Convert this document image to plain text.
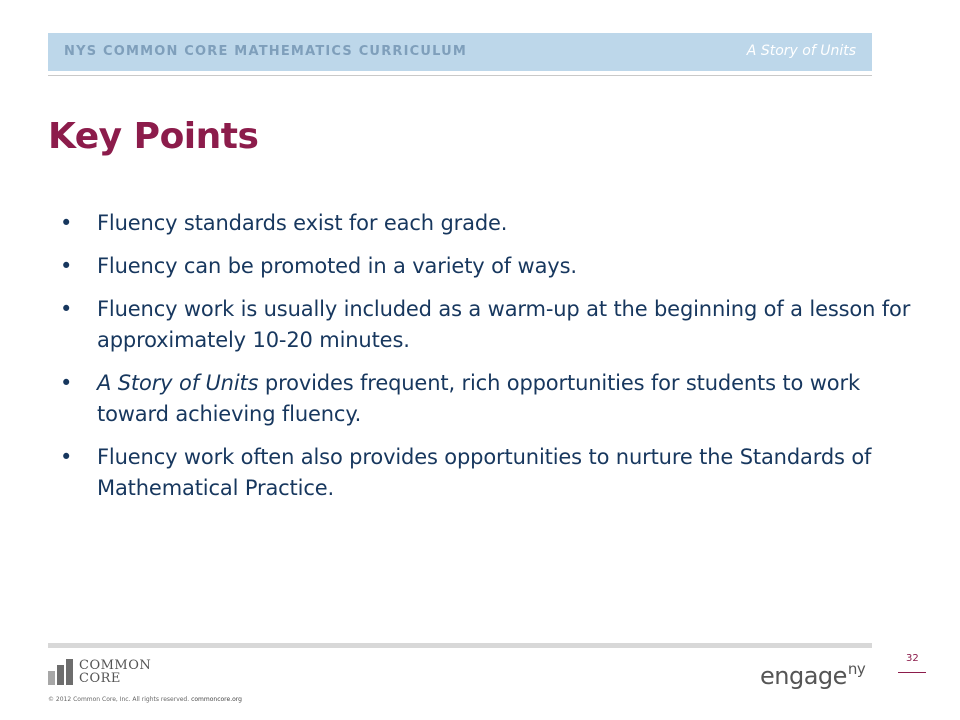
NYS COMMON CORE MATHEMATICS CURRICULUM	A Story of Units
Key Points
• Fluency standards exist for each grade.
• Fluency can be promoted in a variety of ways.
• Fluency work is usually included as a warm-up at the beginning of a lesson for approximately 10-20 minutes.
• A Story of Units provides frequent, rich opportunities for students to work toward achieving fluency.
• Fluency work often also provides opportunities to nurture the Standards of Mathematical Practice.
COMMON
CORE
© 2012 Common Core, Inc. All rights reserved. commoncore.org
engage$^{ny}$
32
